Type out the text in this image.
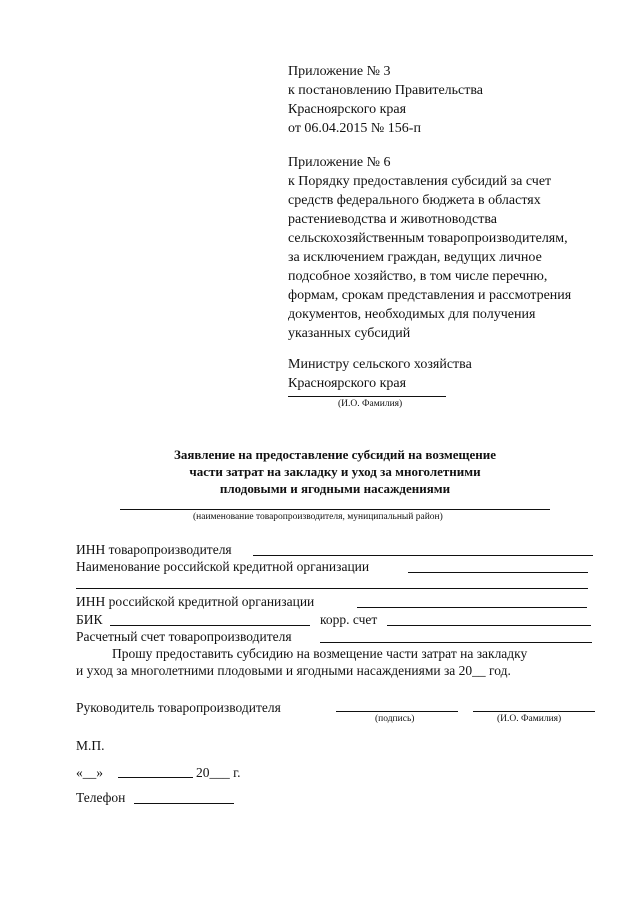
Приложение № 3
к постановлению Правительства
Красноярского края
от 06.04.2015 № 156-п
Приложение № 6
к Порядку предоставления субсидий за счет
средств федерального бюджета в областях
растениеводства и животноводства
сельскохозяйственным товаропроизводителям,
за исключением граждан, ведущих личное
подсобное хозяйство, в том числе перечню,
формам, срокам представления и рассмотрения
документов, необходимых для получения
указанных субсидий
Министру сельского хозяйства
Красноярского края
(И.О. Фамилия)
Заявление на предоставление субсидий на возмещение
части затрат на закладку и уход за многолетними
плодовыми и ягодными насаждениями
(наименование товаропроизводителя, муниципальный район)
ИНН товаропроизводителя
Наименование российской кредитной организации
ИНН российской кредитной организации
БИК	корр. счет
Расчетный счет товаропроизводителя
Прошу предоставить субсидию на возмещение части затрат на закладку
и уход за многолетними плодовыми и ягодными насаждениями за 20__ год.
Руководитель товаропроизводителя
(подпись)	(И.О. Фамилия)
М.П.
«__»	20___ г.
Телефон
